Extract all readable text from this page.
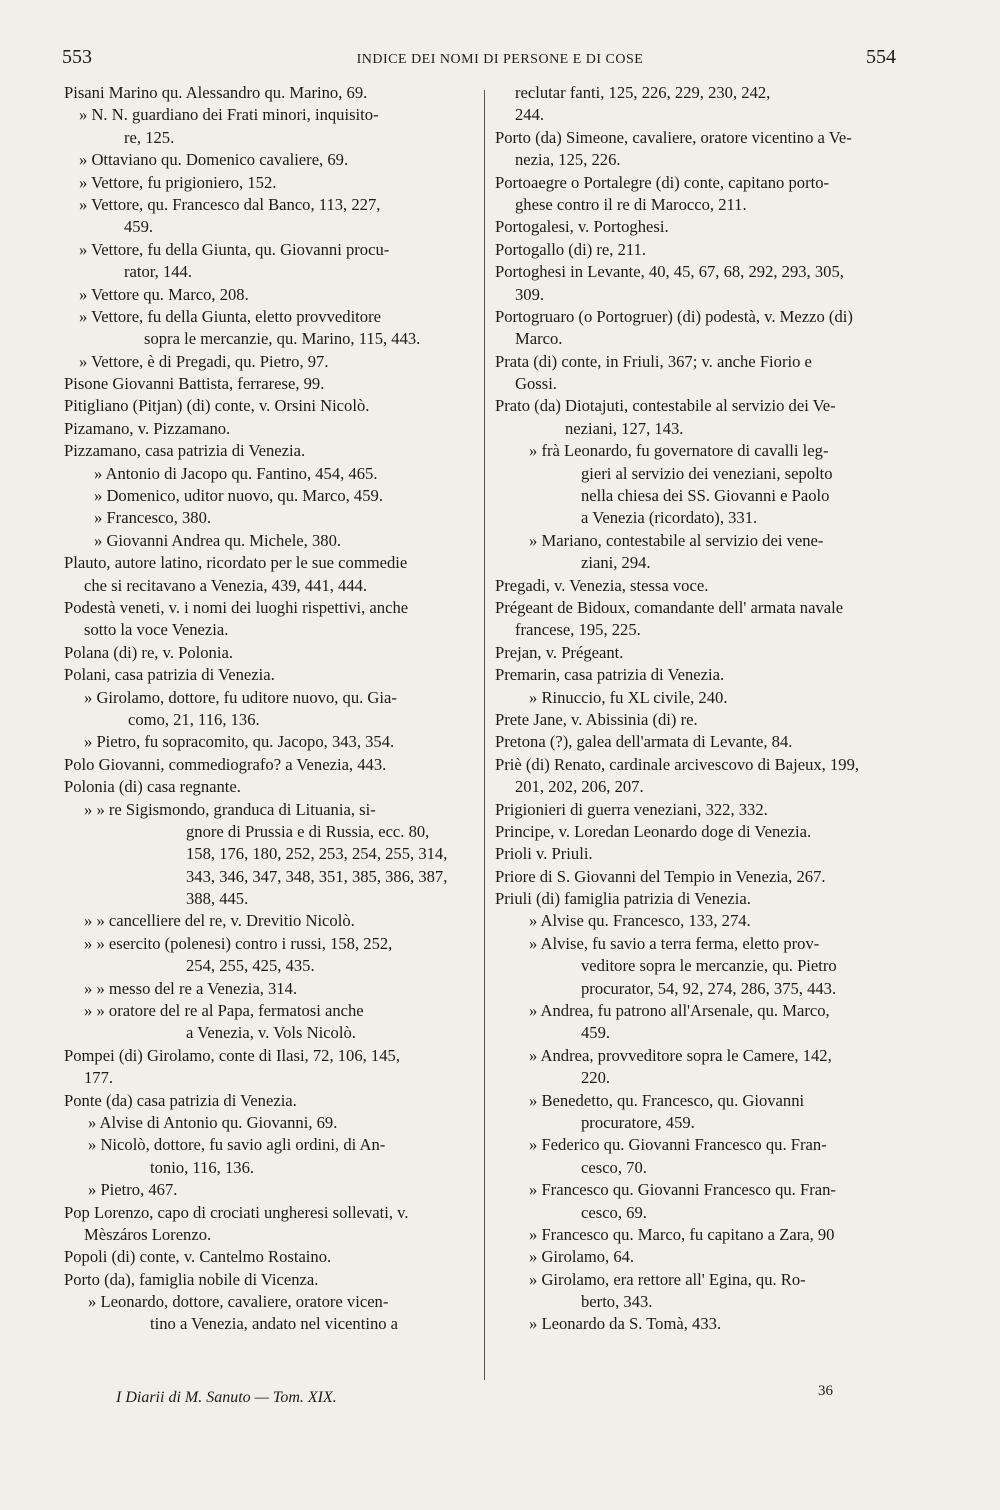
553	INDICE DEI NOMI DI PERSONE E DI COSE	554
Pisani Marino qu. Alessandro qu. Marino, 69.
» N. N. guardiano dei Frati minori, inquisito-
re, 125.
» Ottaviano qu. Domenico cavaliere, 69.
» Vettore, fu prigioniero, 152.
» Vettore, qu. Francesco dal Banco, 113, 227,
459.
» Vettore, fu della Giunta, qu. Giovanni procu-
rator, 144.
» Vettore qu. Marco, 208.
» Vettore, fu della Giunta, eletto provveditore
sopra le mercanzie, qu. Marino, 115, 443.
» Vettore, è di Pregadi, qu. Pietro, 97.
Pisone Giovanni Battista, ferrarese, 99.
Pitigliano (Pitjan) (di) conte, v. Orsini Nicolò.
Pizamano, v. Pizzamano.
Pizzamano, casa patrizia di Venezia.
» Antonio di Jacopo qu. Fantino, 454, 465.
» Domenico, uditor nuovo, qu. Marco, 459.
» Francesco, 380.
» Giovanni Andrea qu. Michele, 380.
Plauto, autore latino, ricordato per le sue commedie
che si recitavano a Venezia, 439, 441, 444.
Podestà veneti, v. i nomi dei luoghi rispettivi, anche
sotto la voce Venezia.
Polana (di) re, v. Polonia.
Polani, casa patrizia di Venezia.
» Girolamo, dottore, fu uditore nuovo, qu. Gia-
como, 21, 116, 136.
» Pietro, fu sopracomito, qu. Jacopo, 343, 354.
Polo Giovanni, commediografo? a Venezia, 443.
Polonia (di) casa regnante.
» » re Sigismondo, granduca di Lituania, si-
gnore di Prussia e di Russia, ecc. 80,
158, 176, 180, 252, 253, 254, 255, 314,
343, 346, 347, 348, 351, 385, 386, 387,
388, 445.
» » cancelliere del re, v. Drevitio Nicolò.
» » esercito (polenesi) contro i russi, 158, 252,
254, 255, 425, 435.
» » messo del re a Venezia, 314.
» » oratore del re al Papa, fermatosi anche
a Venezia, v. Vols Nicolò.
Pompei (di) Girolamo, conte di Ilasi, 72, 106, 145,
177.
Ponte (da) casa patrizia di Venezia.
» Alvise di Antonio qu. Giovanni, 69.
» Nicolò, dottore, fu savio agli ordini, di An-
tonio, 116, 136.
» Pietro, 467.
Pop Lorenzo, capo di crociati ungheresi sollevati, v.
Mèszáros Lorenzo.
Popoli (di) conte, v. Cantelmo Rostaino.
Porto (da), famiglia nobile di Vicenza.
» Leonardo, dottore, cavaliere, oratore vicen-
tino a Venezia, andato nel vicentino a
reclutar fanti, 125, 226, 229, 230, 242,
244.
Porto (da) Simeone, cavaliere, oratore vicentino a Ve-
nezia, 125, 226.
Portoaegre o Portalegre (di) conte, capitano porto-
ghese contro il re di Marocco, 211.
Portogalesi, v. Portoghesi.
Portogallo (di) re, 211.
Portoghesi in Levante, 40, 45, 67, 68, 292, 293, 305,
309.
Portogruaro (o Portogruer) (di) podestà, v. Mezzo (di)
Marco.
Prata (di) conte, in Friuli, 367; v. anche Fiorio e
Gossi.
Prato (da) Diotajuti, contestabile al servizio dei Ve-
neziani, 127, 143.
» frà Leonardo, fu governatore di cavalli leg-
gieri al servizio dei veneziani, sepolto
nella chiesa dei SS. Giovanni e Paolo
a Venezia (ricordato), 331.
» Mariano, contestabile al servizio dei vene-
ziani, 294.
Pregadi, v. Venezia, stessa voce.
Prégeant de Bidoux, comandante dell' armata navale
francese, 195, 225.
Prejan, v. Prégeant.
Premarin, casa patrizia di Venezia.
» Rinuccio, fu XL civile, 240.
Prete Jane, v. Abissinia (di) re.
Pretona (?), galea dell'armata di Levante, 84.
Priè (di) Renato, cardinale arcivescovo di Bajeux, 199,
201, 202, 206, 207.
Prigionieri di guerra veneziani, 322, 332.
Principe, v. Loredan Leonardo doge di Venezia.
Prioli v. Priuli.
Priore di S. Giovanni del Tempio in Venezia, 267.
Priuli (di) famiglia patrizia di Venezia.
» Alvise qu. Francesco, 133, 274.
» Alvise, fu savio a terra ferma, eletto prov-
veditore sopra le mercanzie, qu. Pietro
procurator, 54, 92, 274, 286, 375, 443.
» Andrea, fu patrono all'Arsenale, qu. Marco,
459.
» Andrea, provveditore sopra le Camere, 142,
220.
» Benedetto, qu. Francesco, qu. Giovanni
procuratore, 459.
» Federico qu. Giovanni Francesco qu. Fran-
cesco, 70.
» Francesco qu. Giovanni Francesco qu. Fran-
cesco, 69.
» Francesco qu. Marco, fu capitano a Zara, 90
» Girolamo, 64.
» Girolamo, era rettore all' Egina, qu. Ro-
berto, 343.
» Leonardo da S. Tomà, 433.
I Diarii di M. Sanuto — Tom. XIX.	36
